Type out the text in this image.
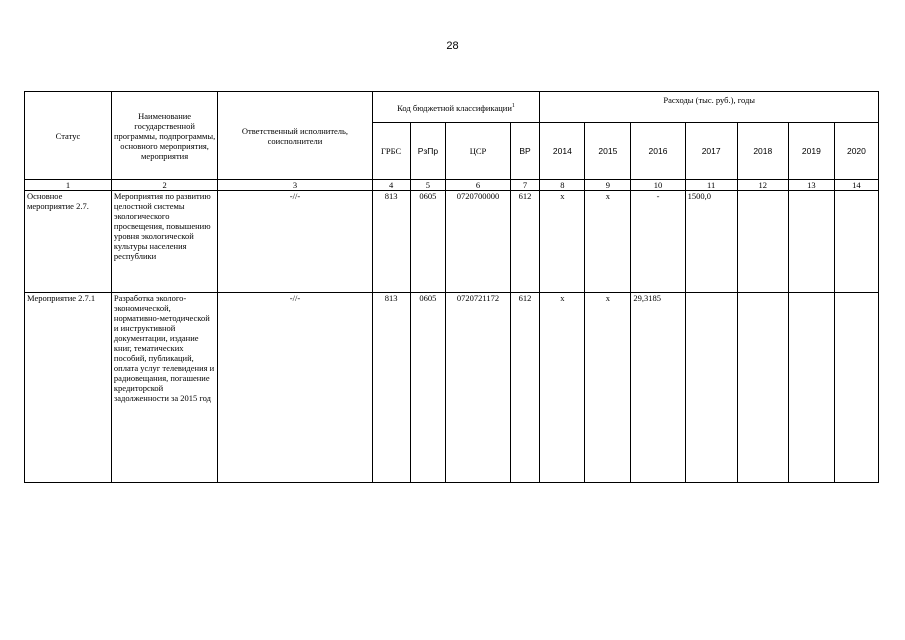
28
Статус	Наименование государственной программы, подпрограммы, основного мероприятия, мероприятия	Ответственный исполнитель, соисполнители	Код бюджетной классификации$^1$				Расходы (тыс. руб.), годы						
			ГРБС	РзПр	ЦСР	ВР	2014	2015	2016	2017	2018	2019	2020
1	2	3	4	5	6	7	8	9	10	11	12	13	14
Основное мероприятие 2.7.	Мероприятия по развитию целостной системы экологического просвещения, повышению уровня экологической культуры населения республики	-//-	813	0605	0720700000	612	х	х	-	1500,0			
Мероприятие 2.7.1	Разработка эколого-экономической, нормативно-методической и инструктивной документации, издание книг, тематических пособий, публикаций, оплата услуг телевидения и радиовещания, погашение кредиторской задолженности за 2015 год	-//-	813	0605	0720721172	612	х	х	29,3185				
